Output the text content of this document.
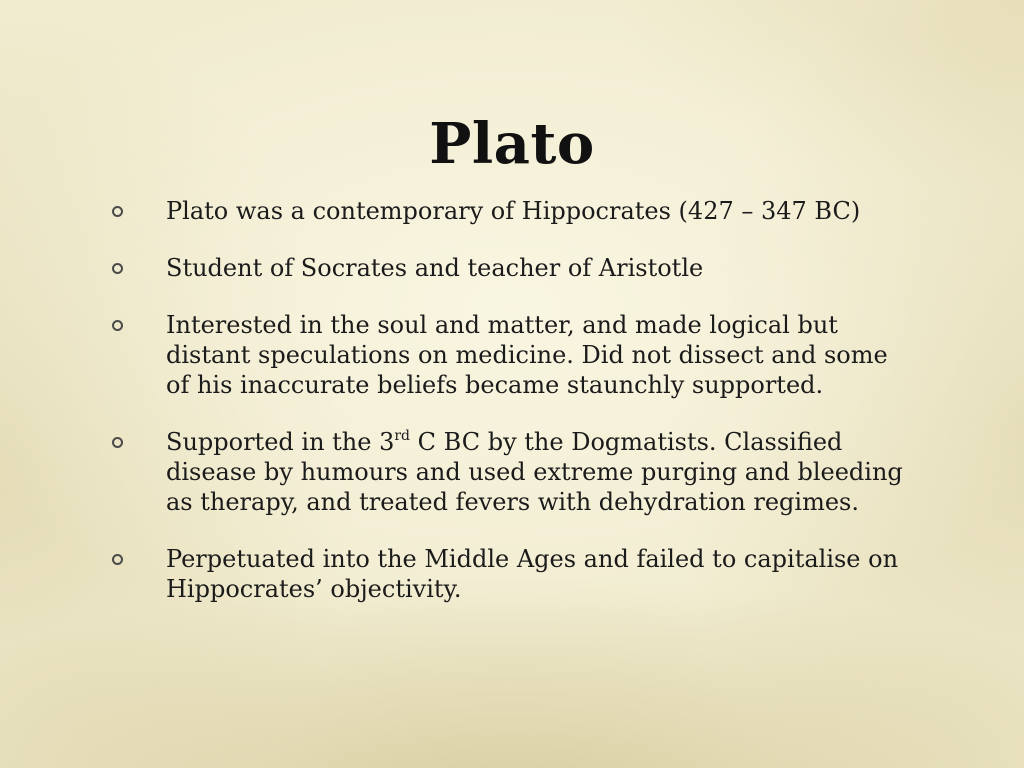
Plato
Plato was a contemporary of Hippocrates (427 – 347 BC)
Student of Socrates and teacher of Aristotle
Interested in the soul and matter, and made logical but distant speculations on medicine. Did not dissect and some of his inaccurate beliefs became staunchly supported.
Supported in the 3rd C BC by the Dogmatists. Classified disease by humours and used extreme purging and bleeding as therapy, and treated fevers with dehydration regimes.
Perpetuated into the Middle Ages and failed to capitalise on Hippocrates’ objectivity.
